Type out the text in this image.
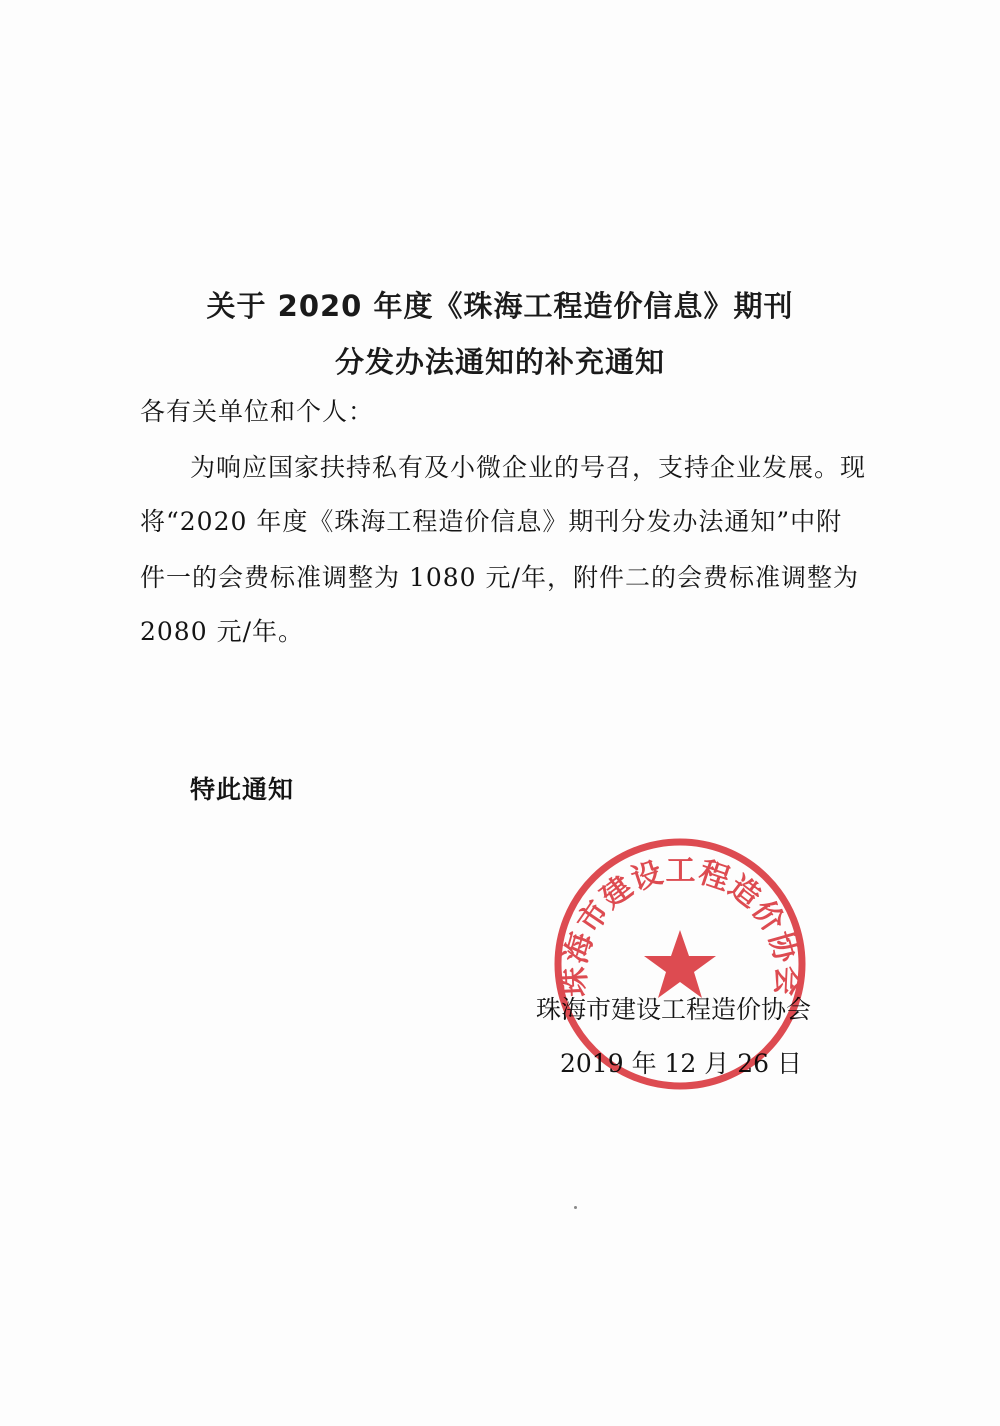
关于 2020 年度《珠海工程造价信息》期刊
分发办法通知的补充通知
各有关单位和个人：
为响应国家扶持私有及小微企业的号召，支持企业发展。现
将“2020 年度《珠海工程造价信息》期刊分发办法通知”中附
件一的会费标准调整为 1080 元/年，附件二的会费标准调整为
2080 元/年。
特此通知
珠海市建设工程造价协会
2019 年 12 月 26 日
珠海市建设工程造价协会
